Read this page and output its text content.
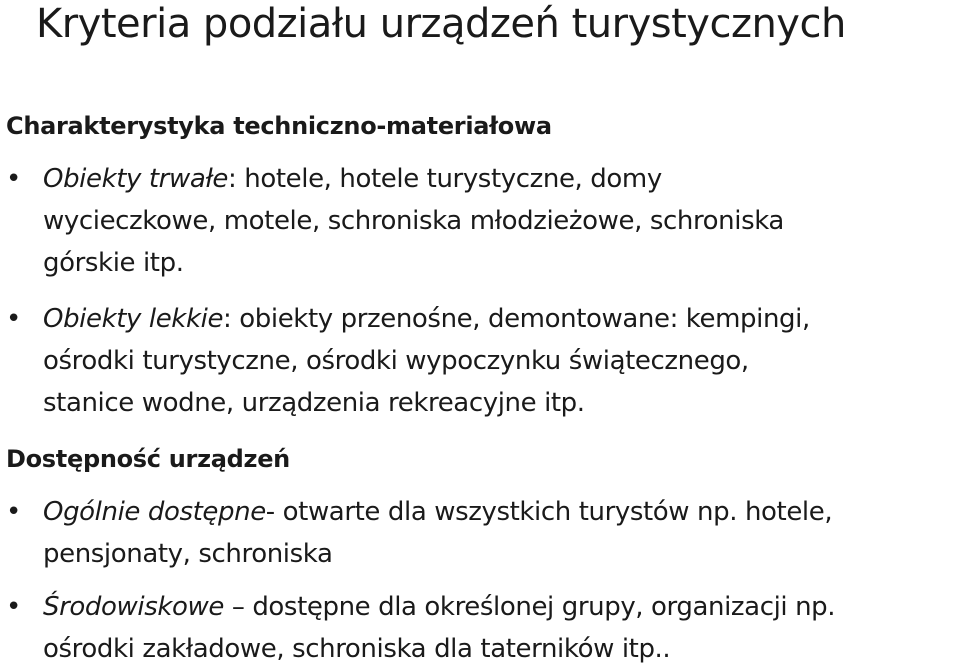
Kryteria podziału urządzeń turystycznych
Charakterystyka techniczno-materiałowa
• Obiekty trwałe: hotele, hotele turystyczne, domy
wycieczkowe, motele, schroniska młodzieżowe, schroniska
górskie itp.
• Obiekty lekkie: obiekty przenośne, demontowane: kempingi,
ośrodki turystyczne, ośrodki wypoczynku świątecznego,
stanice wodne, urządzenia rekreacyjne itp.
Dostępność urządzeń
• Ogólnie dostępne- otwarte dla wszystkich turystów np. hotele,
pensjonaty, schroniska
• Środowiskowe – dostępne dla określonej grupy, organizacji np.
ośrodki zakładowe, schroniska dla taterników itp..
